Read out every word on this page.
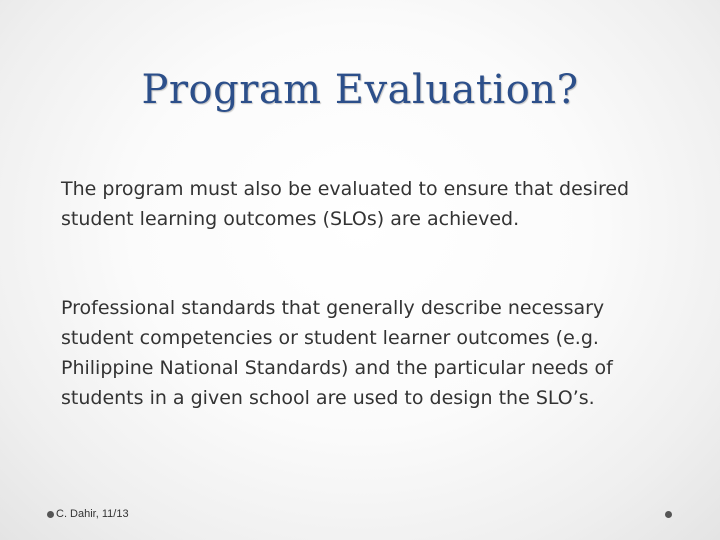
Program Evaluation?
The program must also be evaluated to ensure that desired student learning outcomes (SLOs) are achieved.
Professional standards that generally describe necessary student competencies or student learner outcomes (e.g. Philippine National Standards) and the particular needs of students in a given school are used to design the SLO’s.
C. Dahir, 11/13
